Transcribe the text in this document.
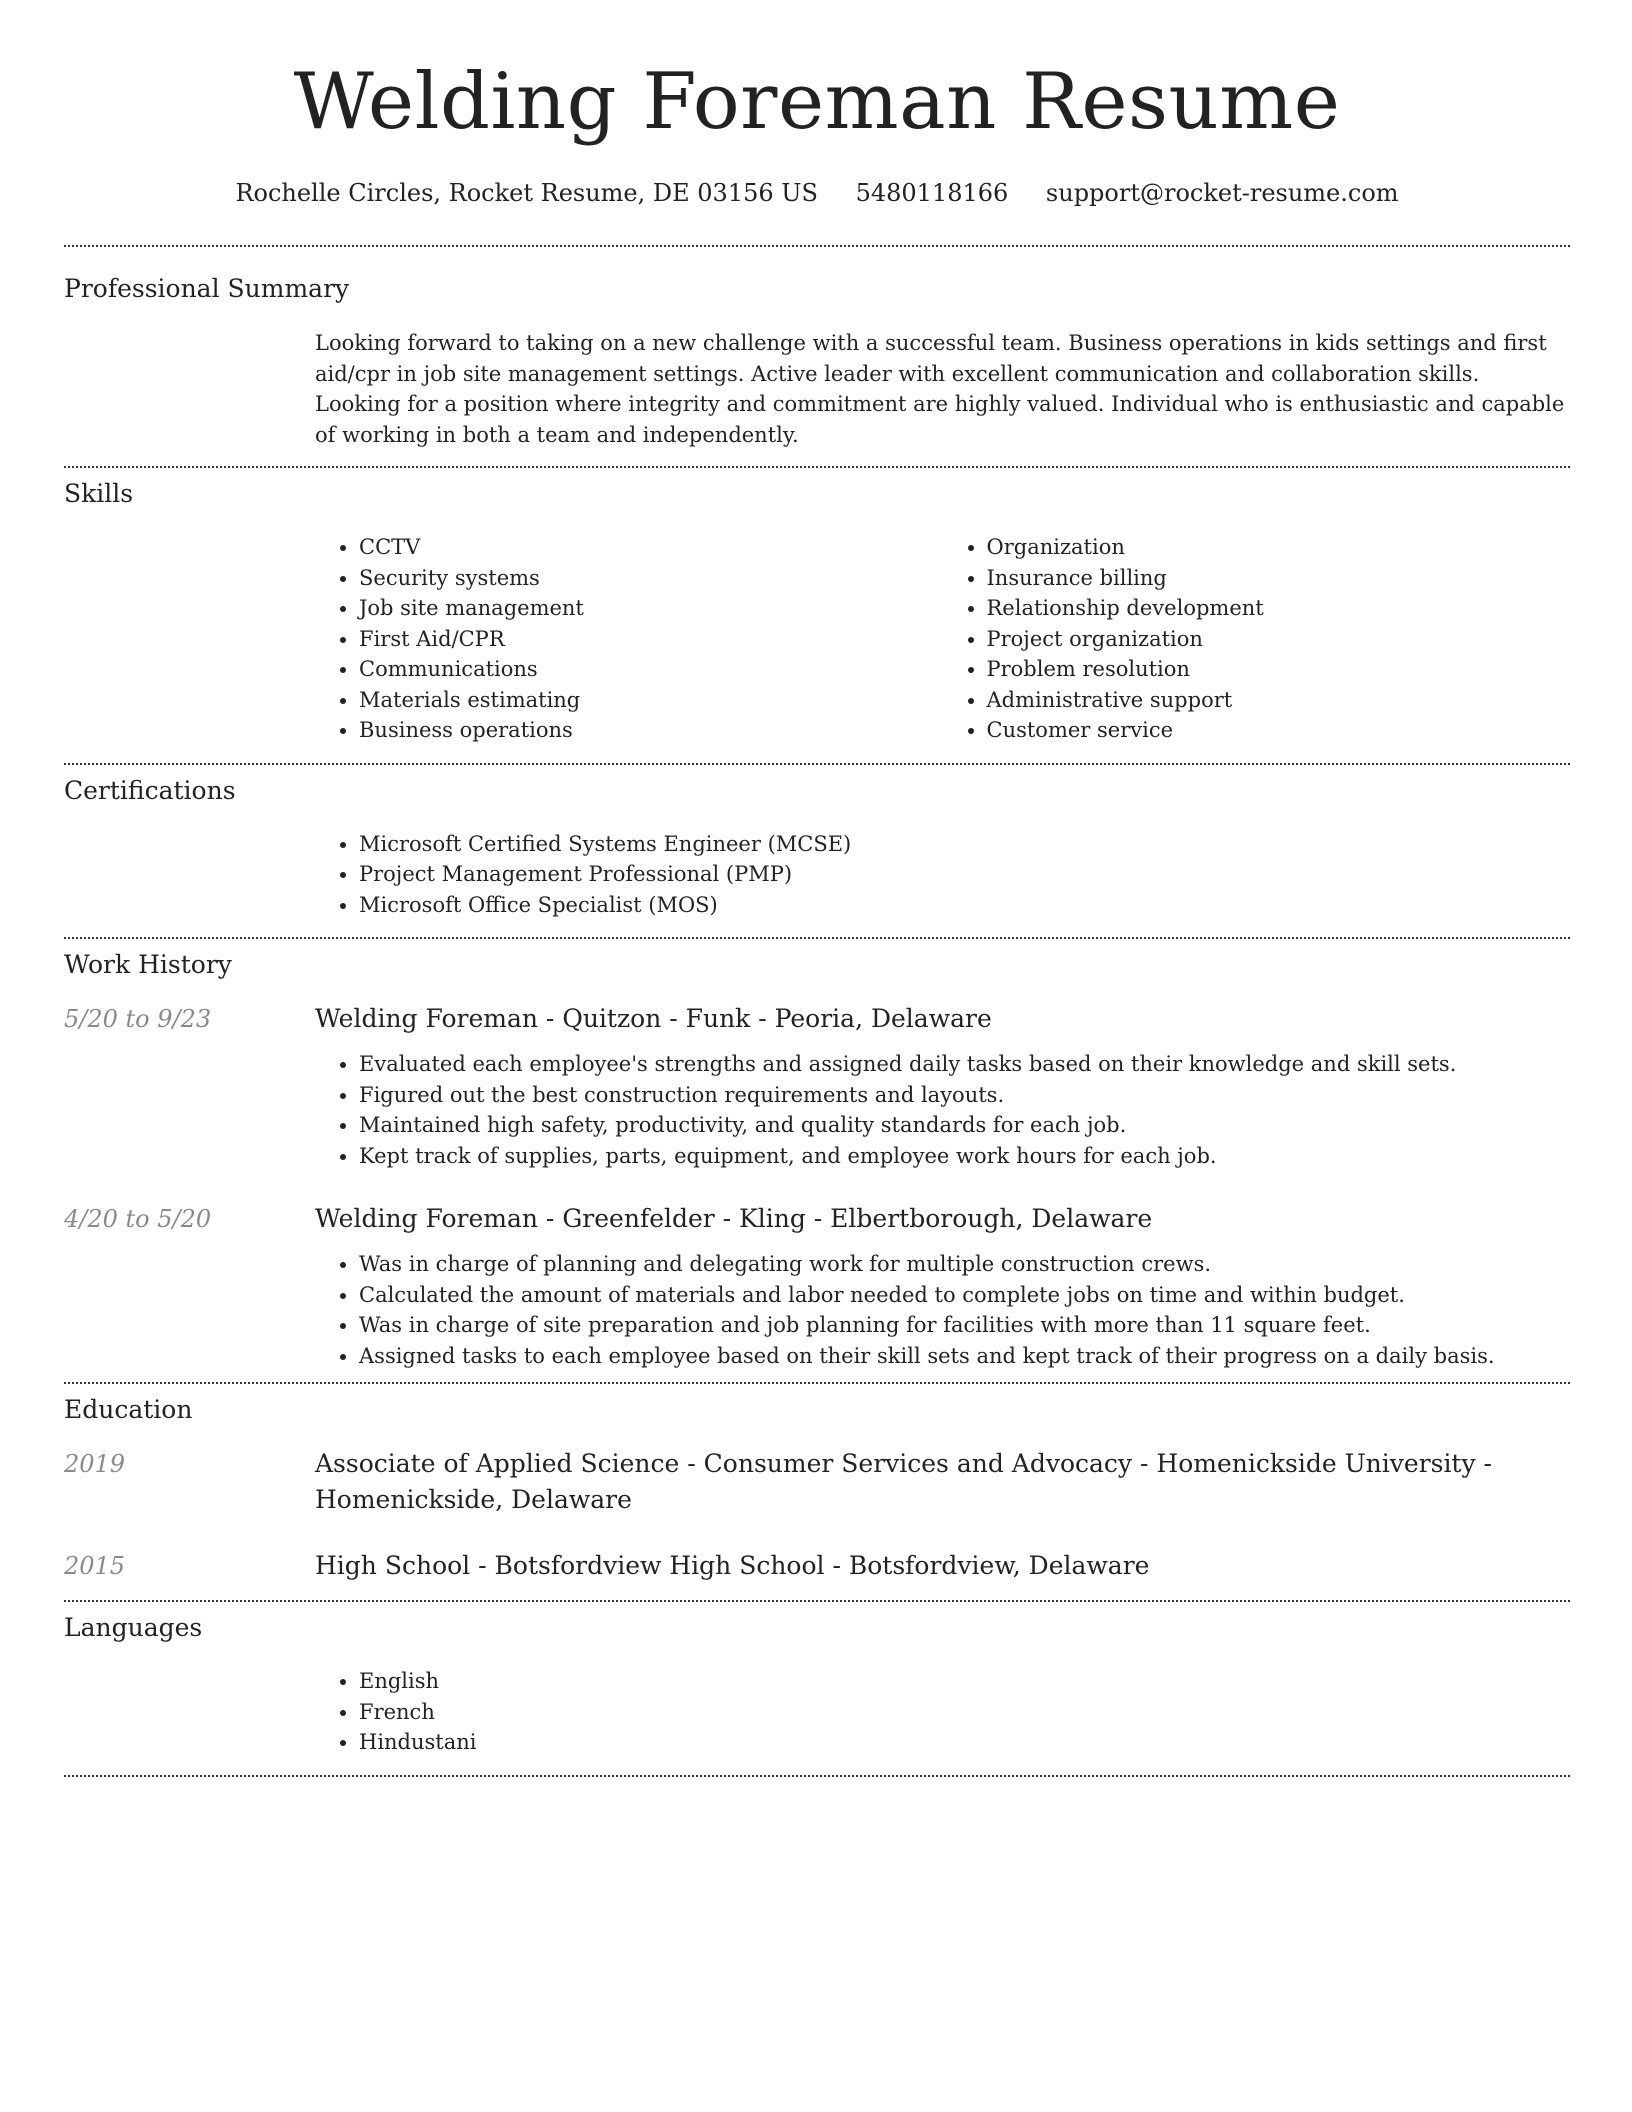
Welding Foreman Resume
Rochelle Circles, Rocket Resume, DE 03156 US 5480118166 support@rocket-resume.com
Professional Summary

Looking forward to taking on a new challenge with a successful team. Business operations in kids settings and first aid/cpr in job site management settings. Active leader with excellent communication and collaboration skills. Looking for a position where integrity and commitment are highly valued. Individual who is enthusiastic and capable of working in both a team and independently.

Skills
• CCTV
• Security systems
• Job site management
• First Aid/CPR
• Communications
• Materials estimating
• Business operations
• Organization
• Insurance billing
• Relationship development
• Project organization
• Problem resolution
• Administrative support
• Customer service
Certifications
• Microsoft Certified Systems Engineer (MCSE)
• Project Management Professional (PMP)
• Microsoft Office Specialist (MOS)
Work History
5/20 to 9/23	Welding Foreman - Quitzon - Funk - Peoria, Delaware
• Evaluated each employee's strengths and assigned daily tasks based on their knowledge and skill sets.
• Figured out the best construction requirements and layouts.
• Maintained high safety, productivity, and quality standards for each job.
• Kept track of supplies, parts, equipment, and employee work hours for each job.
4/20 to 5/20	Welding Foreman - Greenfelder - Kling - Elbertborough, Delaware
• Was in charge of planning and delegating work for multiple construction crews.
• Calculated the amount of materials and labor needed to complete jobs on time and within budget.
• Was in charge of site preparation and job planning for facilities with more than 11 square feet.
• Assigned tasks to each employee based on their skill sets and kept track of their progress on a daily basis.
Education
2019	Associate of Applied Science - Consumer Services and Advocacy - Homenickside University - Homenickside, Delaware
2015	High School - Botsfordview High School - Botsfordview, Delaware
Languages
• English
• French
• Hindustani
